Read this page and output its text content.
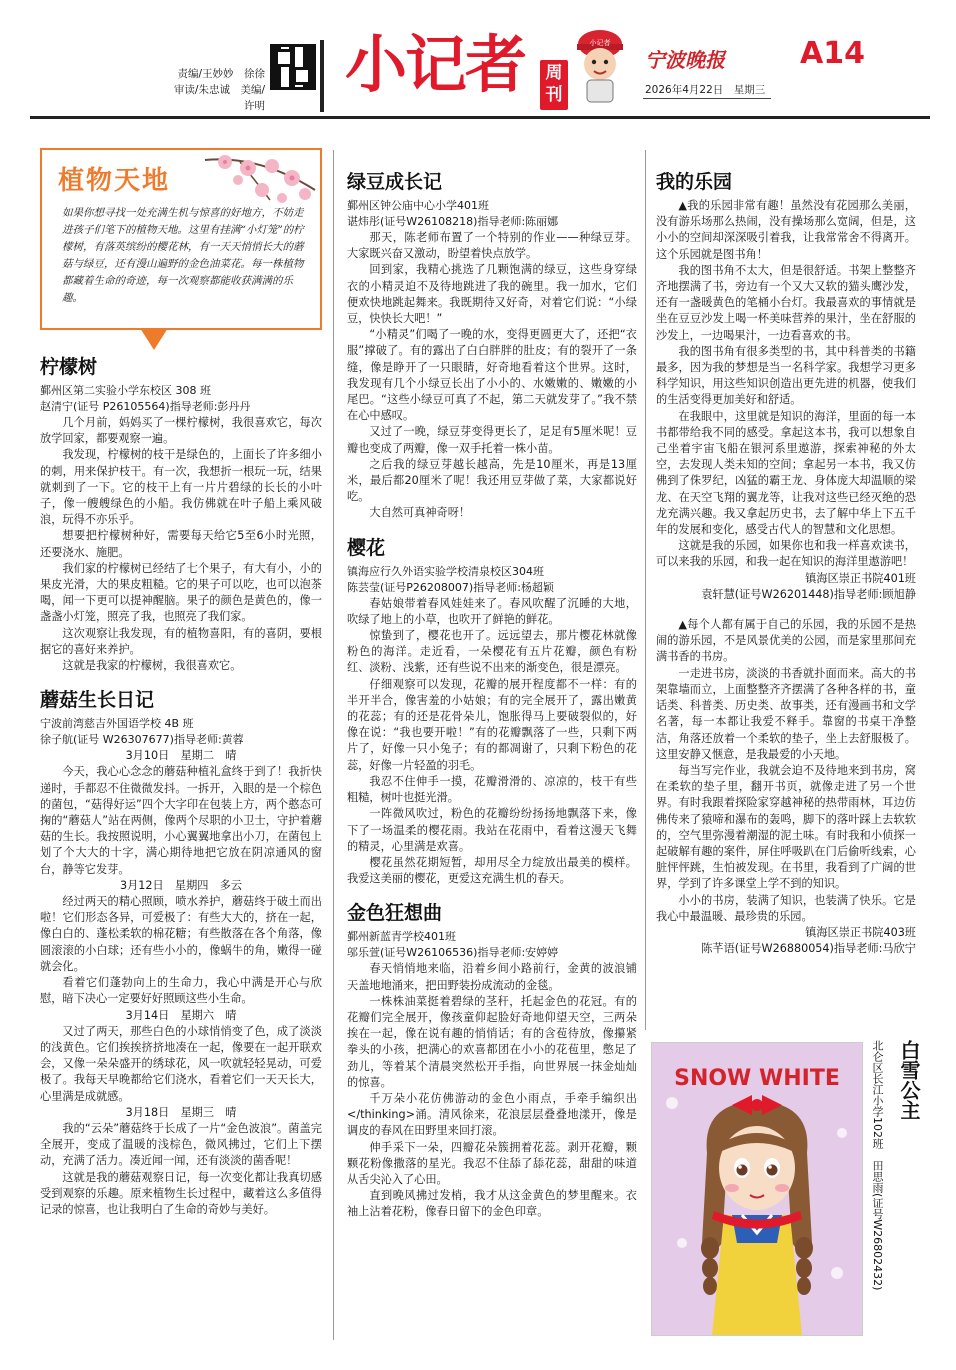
责编/王妙妙　徐徐
审读/朱忠诚　美编/许明
小记者	周刊
小记者
宁波晚报
2026年4月22日　星期三
A14
植物天地
如果你想寻找一处充满生机与惊喜的好地方，不妨走进孩子们笔下的植物天地。这里有挂满“小灯笼”的柠檬树，有落英缤纷的樱花林，有一天天悄悄长大的蘑菇与绿豆，还有漫山遍野的金色油菜花。每一株植物都藏着生命的奇迹，每一次观察都能收获满满的乐趣。
柠檬树

鄞州区第二实验小学东校区 308 班

赵清宁(证号 P26105564)指导老师:彭丹丹

几个月前，妈妈买了一棵柠檬树，我很喜欢它，每次放学回家，都要观察一遍。

我发现，柠檬树的枝干是绿色的，上面长了许多细小的刺，用来保护枝干。有一次，我想折一根玩一玩，结果就刺到了一下。它的枝干上有一片片碧绿的长长的小叶子，像一艘艘绿色的小船。我仿佛就在叶子船上乘风破浪，玩得不亦乐乎。

想要把柠檬树种好，需要每天给它5至6小时光照，还要浇水、施肥。

我们家的柠檬树已经结了七个果子，有大有小，小的果皮光滑，大的果皮粗糙。它的果子可以吃，也可以泡茶喝，闻一下更可以提神醒脑。果子的颜色是黄色的，像一盏盏小灯笼，照亮了我，也照亮了我们家。

这次观察让我发现，有的植物喜阳，有的喜阴，要根据它的喜好来养护。

这就是我家的柠檬树，我很喜欢它。

蘑菇生长日记

宁波前湾慈吉外国语学校 4B 班

徐子航(证号 W26307677)指导老师:黄蓉

3月10日　星期二　晴

今天，我心心念念的蘑菇种植礼盒终于到了！我折快递时，手都忍不住微微发抖。一拆开，入眼的是一个棕色的菌包，“菇得好运”四个大字印在包装上方，两个憨态可掬的“蘑菇人”站在两侧，像两个尽职的小卫士，守护着蘑菇的生长。我按照说明，小心翼翼地拿出小刀，在菌包上划了个大大的十字，满心期待地把它放在阴凉通风的窗台，静等它发芽。

3月12日　星期四　多云

经过两天的精心照顾，喷水养护，蘑菇终于破土而出啦！它们形态各异，可爱极了：有些大大的，挤在一起，像白白的、蓬松柔软的棉花糖；有些散落在各个角落，像圆滚滚的小白球；还有些小小的，像蜗牛的角，嫩得一碰就会化。

看着它们蓬勃向上的生命力，我心中满是开心与欣慰，暗下决心一定要好好照顾这些小生命。

3月14日　星期六　晴

又过了两天，那些白色的小球悄悄变了色，成了淡淡的浅黄色。它们挨挨挤挤地凑在一起，像要在一起开联欢会，又像一朵朵盛开的绣球花，风一吹就轻轻晃动，可爱极了。我每天早晚都给它们浇水，看着它们一天天长大，心里满是成就感。

3月18日　星期三　晴

我的“云朵”蘑菇终于长成了一片“金色波浪”。菌盖完全展开，变成了温暖的浅棕色，微风拂过，它们上下摆动，充满了活力。凑近闻一闻，还有淡淡的菌香呢！

这就是我的蘑菇观察日记，每一次变化都让我真切感受到观察的乐趣。原来植物生长过程中，藏着这么多值得记录的惊喜，也让我明白了生命的奇妙与美好。

绿豆成长记

鄞州区钟公庙中心小学401班

谌炜彤(证号W26108218)指导老师:陈丽娜

那天，陈老师布置了一个特别的作业——种绿豆芽。大家既兴奋又激动，盼望着快点放学。

回到家，我精心挑选了几颗饱满的绿豆，这些身穿绿衣的小精灵迫不及待地跳进了我的碗里。我一加水，它们便欢快地跳起舞来。我既期待又好奇，对着它们说：“小绿豆，快快长大吧！”

“小精灵”们喝了一晚的水，变得更圆更大了，还把“衣服”撑破了。有的露出了白白胖胖的肚皮；有的裂开了一条缝，像是睁开了一只眼睛，好奇地看着这个世界。这时，我发现有几个小绿豆长出了小小的、水嫩嫩的、嫩嫩的小尾巴。“这些小绿豆可真了不起，第二天就发芽了。”我不禁在心中感叹。

又过了一晚，绿豆芽变得更长了，足足有5厘米呢！豆瓣也变成了两瓣，像一双手托着一株小苗。

之后我的绿豆芽越长越高，先是10厘米，再是13厘米，最后都20厘米了呢！我还用豆芽做了菜，大家都说好吃。

大自然可真神奇呀！

樱花

镇海应行久外语实验学校清泉校区304班

陈芸莹(证号P26208007)指导老师:杨超颖

春姑娘带着春风娃娃来了。春风吹醒了沉睡的大地，吹绿了地上的小草，也吹开了鲜艳的鲜花。

惊蛰到了，樱花也开了。远远望去，那片樱花林就像粉色的海洋。走近看，一朵樱花有五片花瓣，颜色有粉红、淡粉、浅紫，还有些说不出来的渐变色，很是漂亮。

仔细观察可以发现，花瓣的展开程度都不一样：有的半开半合，像害羞的小姑娘；有的完全展开了，露出嫩黄的花蕊；有的还是花骨朵儿，饱胀得马上要破裂似的，好像在说：“我也要开啦！”有的花瓣飘落了一些，只剩下两片了，好像一只小兔子；有的都凋谢了，只剩下粉色的花蕊，好像一片轻盈的羽毛。

我忍不住伸手一摸，花瓣滑滑的、凉凉的，枝干有些粗糙，树叶也挺光滑。

一阵微风吹过，粉色的花瓣纷纷扬扬地飘落下来，像下了一场温柔的樱花雨。我站在花雨中，看着这漫天飞舞的精灵，心里满是欢喜。

樱花虽然花期短暂，却用尽全力绽放出最美的模样。我爱这美丽的樱花，更爱这充满生机的春天。

金色狂想曲

鄞州新蓝青学校401班

邬乐萱(证号W26106536)指导老师:安婷婷

春天悄悄地来临，沿着乡间小路前行，金黄的波浪铺天盖地地涌来，把田野装扮成流动的金毯。

一株株油菜挺着碧绿的茎秆，托起金色的花冠。有的花瓣们完全展开，像孩童仰起脸好奇地仰望天空，三两朵挨在一起，像在说有趣的悄悄话；有的含苞待放，像攥紧拳头的小孩，把满心的欢喜都团在小小的花苞里，憋足了劲儿，等着某个清晨突然松开手指，向世界展一抹金灿灿的惊喜。

千万朵小花仿佛游动的金色小雨点，手牵手编织出</thinking>涌。清风徐来，花浪层层叠叠地漾开，像是调皮的春风在田野里来回打滚。

伸手采下一朵，四瓣花朵簇拥着花蕊。剥开花瓣，颗颗花粉像撒落的星光。我忍不住舔了舔花蕊，甜甜的味道从舌尖沁入了心田。

直到晚风拂过发梢，我才从这金黄色的梦里醒来。衣袖上沾着花粉，像春日留下的金色印章。

我的乐园

▲我的乐园非常有趣！虽然没有花园那么美丽，没有游乐场那么热闹，没有操场那么宽阔，但是，这小小的空间却深深吸引着我，让我常常舍不得离开。这个乐园就是图书角！

我的图书角不太大，但是很舒适。书架上整整齐齐地摆满了书，旁边有一个又大又软的猫头鹰沙发，还有一盏暖黄色的笔桶小台灯。我最喜欢的事情就是坐在豆豆沙发上喝一杯美味营养的果汁，坐在舒服的沙发上，一边喝果汁，一边看喜欢的书。

我的图书角有很多类型的书，其中科普类的书籍最多，因为我的梦想是当一名科学家。我想学习更多科学知识，用这些知识创造出更先进的机器，使我们的生活变得更加美好和舒适。

在我眼中，这里就是知识的海洋，里面的每一本书都带给我不同的感受。拿起这本书，我可以想象自己坐着宇宙飞船在银河系里遨游，探索神秘的外太空，去发现人类未知的空间；拿起另一本书，我又仿佛到了侏罗纪，凶猛的霸王龙、身体庞大却温顺的梁龙、在天空飞翔的翼龙等，让我对这些已经灭绝的恐龙充满兴趣。我又拿起历史书，去了解中华上下五千年的发展和变化，感受古代人的智慧和文化思想。

这就是我的乐园，如果你也和我一样喜欢读书，可以来我的乐园，和我一起在知识的海洋里遨游吧！

镇海区崇正书院401班

袁轩慧(证号W26201448)指导老师:顾旭静

▲每个人都有属于自己的乐园，我的乐园不是热闹的游乐园，不是风景优美的公园，而是家里那间充满书香的书房。

一走进书房，淡淡的书香就扑面而来。高大的书架靠墙而立，上面整整齐齐摆满了各种各样的书，童话类、科普类、历史类、故事类，还有漫画书和文学名著，每一本都让我爱不释手。靠窗的书桌干净整洁，角落还放着一个柔软的垫子，坐上去舒服极了。这里安静又惬意，是我最爱的小天地。

每当写完作业，我就会迫不及待地来到书房，窝在柔软的垫子里，翻开书页，就像走进了另一个世界。有时我跟着探险家穿越神秘的热带雨林，耳边仿佛传来了猿啼和瀑布的轰鸣，脚下的落叶踩上去软软的，空气里弥漫着潮湿的泥土味。有时我和小侦探一起破解有趣的案件，屏住呼吸趴在门后偷听线索，心脏怦怦跳，生怕被发现。在书里，我看到了广阔的世界，学到了许多课堂上学不到的知识。

小小的书房，装满了知识，也装满了快乐。它是我心中最温暖、最珍贵的乐园。

镇海区崇正书院403班

陈芊语(证号W26880054)指导老师:马欣宁

SNOW WHITE	白雪公主
北仑区长江小学102班　田思雨(证号W26802432)
